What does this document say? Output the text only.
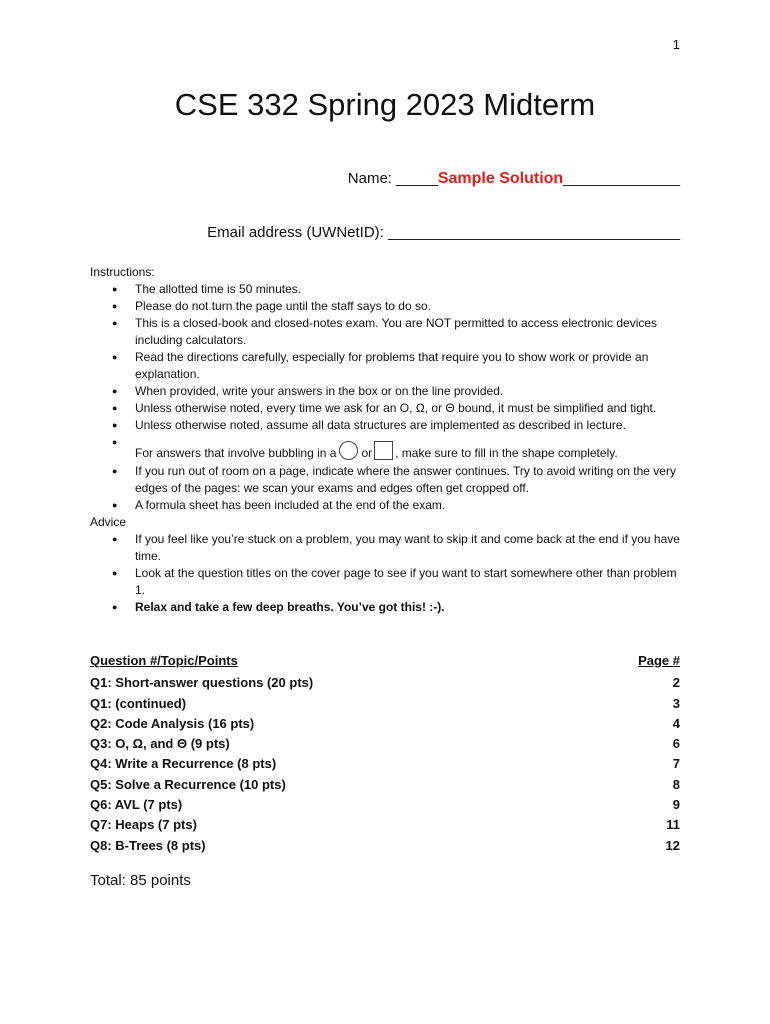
1
CSE 332 Spring 2023 Midterm
Name: _____Sample Solution______________
Email address (UWNetID): ___________________________________
Instructions:
● The allotted time is 50 minutes.
● Please do not turn the page until the staff says to do so.
● This is a closed-book and closed-notes exam. You are NOT permitted to access electronic devices including calculators.
● Read the directions carefully, especially for problems that require you to show work or provide an explanation.
● When provided, write your answers in the box or on the line provided.
● Unless otherwise noted, every time we ask for an O, Ω, or Θ bound, it must be simplified and tight.
● Unless otherwise noted, assume all data structures are implemented as described in lecture.
● For answers that involve bubbling in a or , make sure to fill in the shape completely.
● If you run out of room on a page, indicate where the answer continues. Try to avoid writing on the very edges of the pages: we scan your exams and edges often get cropped off.
● A formula sheet has been included at the end of the exam.
Advice
● If you feel like you’re stuck on a problem, you may want to skip it and come back at the end if you have time.
● Look at the question titles on the cover page to see if you want to start somewhere other than problem 1.
● Relax and take a few deep breaths. You’ve got this! :-).
Question #/Topic/Points	Page #
Q1: Short-answer questions (20 pts)	2
Q1: (continued)	3
Q2: Code Analysis (16 pts)	4
Q3: O, Ω, and Θ (9 pts)	6
Q4: Write a Recurrence (8 pts)	7
Q5: Solve a Recurrence (10 pts)	8
Q6: AVL (7 pts)	9
Q7: Heaps (7 pts)	11
Q8: B-Trees (8 pts)	12
Total: 85 points
